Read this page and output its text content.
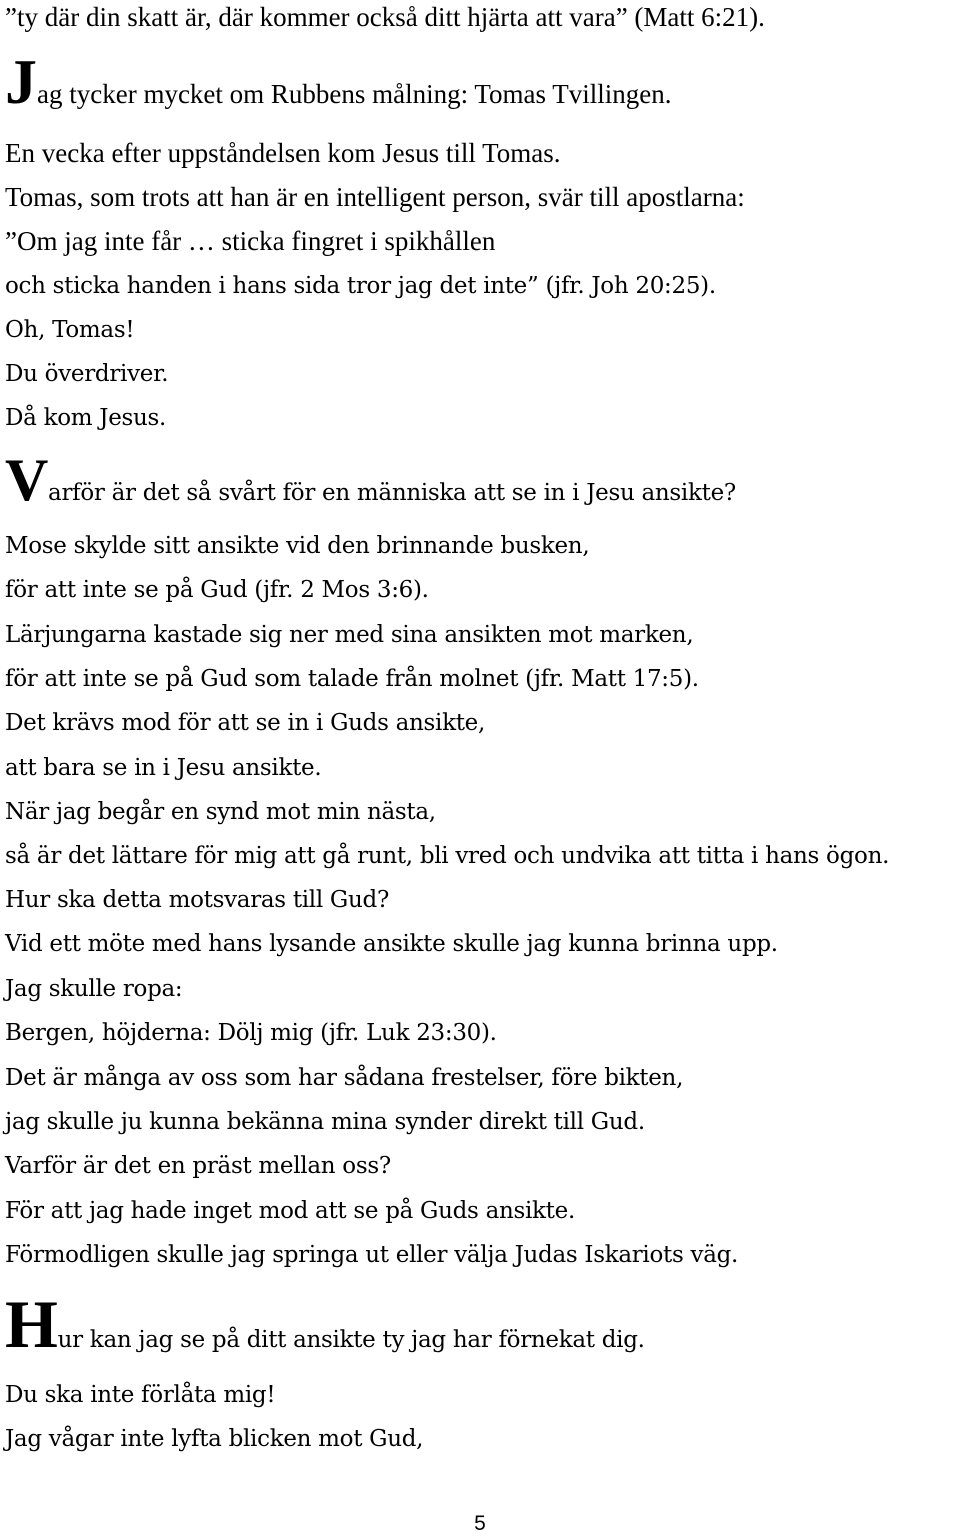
”ty där din skatt är, där kommer också ditt hjärta att vara” (Matt 6:21).
Jag tycker mycket om Rubbens målning: Tomas Tvillingen.
En vecka efter uppståndelsen kom Jesus till Tomas.
Tomas, som trots att han är en intelligent person, svär till apostlarna:
”Om jag inte får … sticka fingret i spikhållen
och sticka handen i hans sida tror jag det inte” (jfr. Joh 20:25).
Oh, Tomas!
Du överdriver.
Då kom Jesus.
Varför är det så svårt för en människa att se in i Jesu ansikte?
Mose skylde sitt ansikte vid den brinnande busken,
för att inte se på Gud (jfr. 2 Mos 3:6).
Lärjungarna kastade sig ner med sina ansikten mot marken,
för att inte se på Gud som talade från molnet (jfr. Matt 17:5).
Det krävs mod för att se in i Guds ansikte,
att bara se in i Jesu ansikte.
När jag begår en synd mot min nästa,
så är det lättare för mig att gå runt, bli vred och undvika att titta i hans ögon.
Hur ska detta motsvaras till Gud?
Vid ett möte med hans lysande ansikte skulle jag kunna brinna upp.
Jag skulle ropa:
Bergen, höjderna: Dölj mig (jfr. Luk 23:30).
Det är många av oss som har sådana frestelser, före bikten,
jag skulle ju kunna bekänna mina synder direkt till Gud.
Varför är det en präst mellan oss?
För att jag hade inget mod att se på Guds ansikte.
Förmodligen skulle jag springa ut eller välja Judas Iskariots väg.
Hur kan jag se på ditt ansikte ty jag har förnekat dig.
Du ska inte förlåta mig!
Jag vågar inte lyfta blicken mot Gud,
5
